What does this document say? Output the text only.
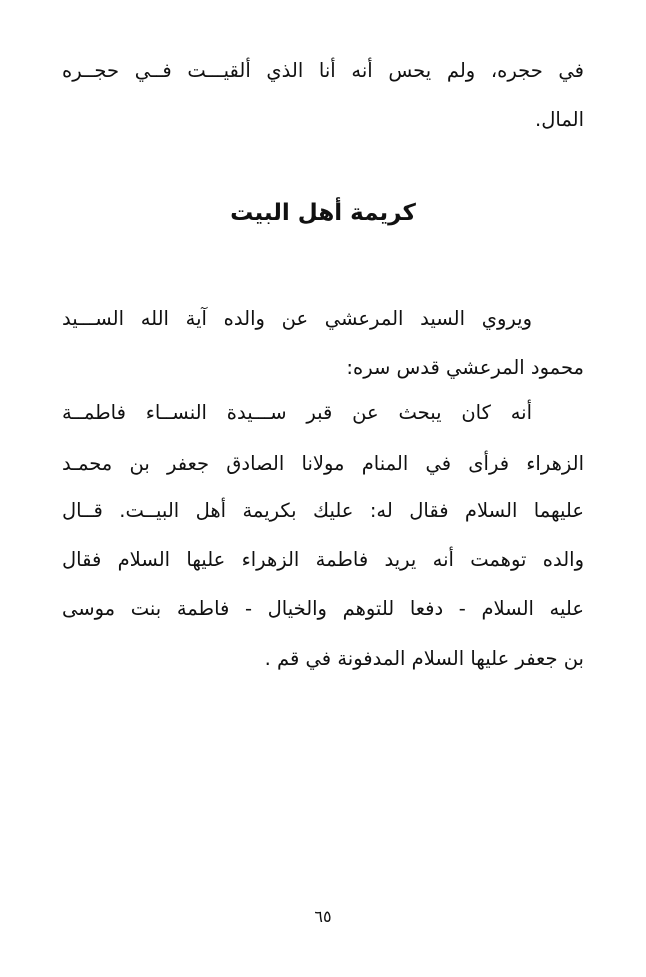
في حجره، ولم يحس أنه أنا الذي ألقيـــت فــي حجــره
المال.
كريمة أهل البيت
ويروي السيد المرعشي عن والده آية الله الســـيد
محمود المرعشي قدس سره:
أنه كان يبحث عن قبر ســـيدة النســاء فاطمــة
الزهراء فرأى في المنام مولانا الصادق جعفر بن محمـد
عليهما السلام فقال له: عليك بكريمة أهل البيــت. قــال
والده توهمت أنه يريد فاطمة الزهراء عليها السلام فقال
عليه السلام - دفعا للتوهم والخيال - فاطمة بنت موسى
بن جعفر عليها السلام المدفونة في قم .
٦٥
